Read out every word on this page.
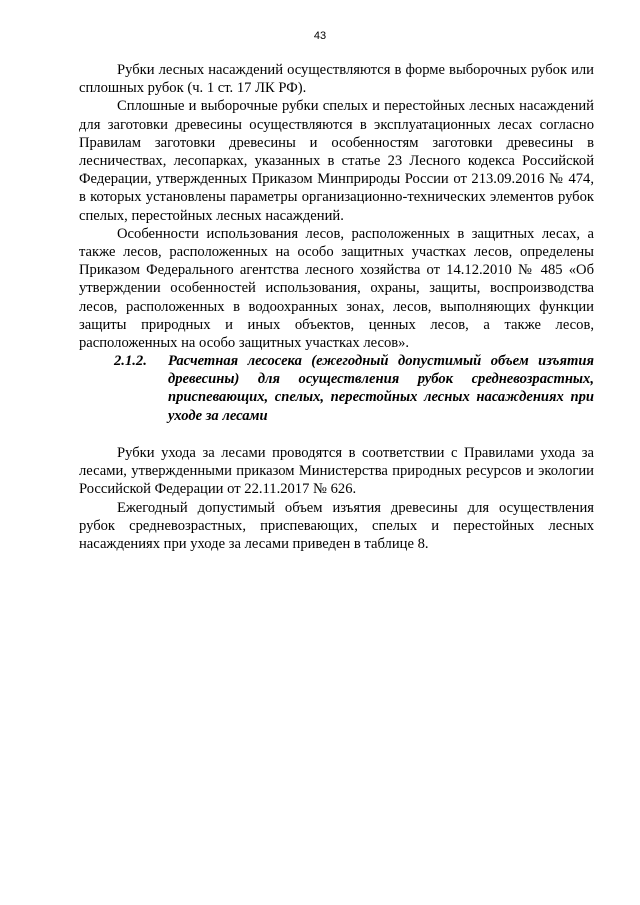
43

Рубки лесных насаждений осуществляются в форме выборочных рубок или сплошных рубок (ч. 1 ст. 17 ЛК РФ).

Сплошные и выборочные рубки спелых и перестойных лесных насаждений для заготовки древесины осуществляются в эксплуатационных лесах согласно Правилам заготовки древесины и особенностям заготовки древесины в лесничествах, лесопарках, указанных в статье 23 Лесного кодекса Российской Федерации, утвержденных Приказом Минприроды России от 213.09.2016 № 474, в которых установлены параметры организационно-технических элементов рубок спелых, перестойных лесных насаждений.

Особенности использования лесов, расположенных в защитных лесах, а также лесов, расположенных на особо защитных участках лесов, определены Приказом Федерального агентства лесного хозяйства от 14.12.2010 № 485 «Об утверждении особенностей использования, охраны, защиты, воспроизводства лесов, расположенных в водоохранных зонах, лесов, выполняющих функции защиты природных и иных объектов, ценных лесов, а также лесов, расположенных на особо защитных участках лесов».

2.1.2. Расчетная лесосека (ежегодный допустимый объем изъятия древесины) для осуществления рубок средневозрастных, приспевающих, спелых, перестойных лесных насаждениях при уходе за лесами

Рубки ухода за лесами проводятся в соответствии с Правилами ухода за лесами, утвержденными приказом Министерства природных ресурсов и экологии Российской Федерации от 22.11.2017 № 626.

Ежегодный допустимый объем изъятия древесины для осуществления рубок средневозрастных, приспевающих, спелых и перестойных лесных насаждениях при уходе за лесами приведен в таблице 8.
